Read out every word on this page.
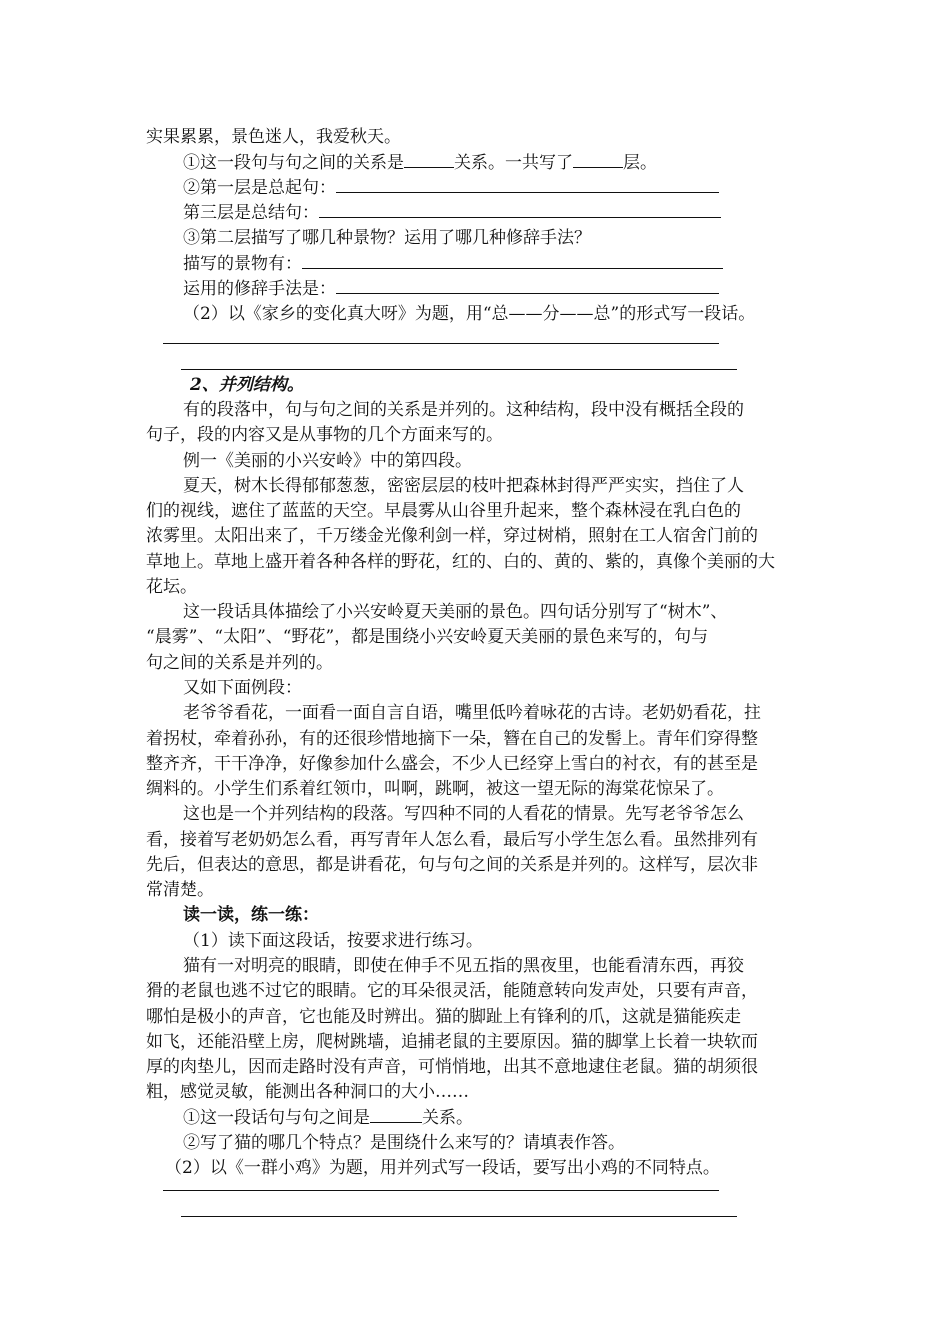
实果累累，景色迷人，我爱秋天。
①这一段句与句之间的关系是	关系。一共写了	层。
②第一层是总起句：
第三层是总结句：
③第二层描写了哪几种景物？运用了哪几种修辞手法？
描写的景物有：
运用的修辞手法是：
（2）以《家乡的变化真大呀》为题，用“总——分——总”的形式写一段话。
2、并列结构。
有的段落中，句与句之间的关系是并列的。这种结构，段中没有概括全段的
句子，段的内容又是从事物的几个方面来写的。
例一《美丽的小兴安岭》中的第四段。
夏天，树木长得郁郁葱葱，密密层层的枝叶把森林封得严严实实，挡住了人
们的视线，遮住了蓝蓝的天空。早晨雾从山谷里升起来，整个森林浸在乳白色的
浓雾里。太阳出来了，千万缕金光像利剑一样，穿过树梢，照射在工人宿舍门前的
草地上。草地上盛开着各种各样的野花，红的、白的、黄的、紫的，真像个美丽的大
花坛。
这一段话具体描绘了小兴安岭夏天美丽的景色。四句话分别写了“树木”、
“晨雾”、“太阳”、“野花”，都是围绕小兴安岭夏天美丽的景色来写的，句与
句之间的关系是并列的。
又如下面例段：
老爷爷看花，一面看一面自言自语，嘴里低吟着咏花的古诗。老奶奶看花，拄
着拐杖，牵着孙孙，有的还很珍惜地摘下一朵，簪在自己的发髻上。青年们穿得整
整齐齐，干干净净，好像参加什么盛会，不少人已经穿上雪白的衬衣，有的甚至是
绸料的。小学生们系着红领巾，叫啊，跳啊，被这一望无际的海棠花惊呆了。
这也是一个并列结构的段落。写四种不同的人看花的情景。先写老爷爷怎么
看，接着写老奶奶怎么看，再写青年人怎么看，最后写小学生怎么看。虽然排列有
先后，但表达的意思，都是讲看花，句与句之间的关系是并列的。这样写，层次非
常清楚。
读一读，练一练：
（1）读下面这段话，按要求进行练习。
猫有一对明亮的眼睛，即使在伸手不见五指的黑夜里，也能看清东西，再狡
猾的老鼠也逃不过它的眼睛。它的耳朵很灵活，能随意转向发声处，只要有声音，
哪怕是极小的声音，它也能及时辨出。猫的脚趾上有锋利的爪，这就是猫能疾走
如飞，还能沿壁上房，爬树跳墙，追捕老鼠的主要原因。猫的脚掌上长着一块软而
厚的肉垫儿，因而走路时没有声音，可悄悄地，出其不意地逮住老鼠。猫的胡须很
粗，感觉灵敏，能测出各种洞口的大小……
①这一段话句与句之间是	关系。
②写了猫的哪几个特点？是围绕什么来写的？请填表作答。
（2）以《一群小鸡》为题，用并列式写一段话，要写出小鸡的不同特点。
